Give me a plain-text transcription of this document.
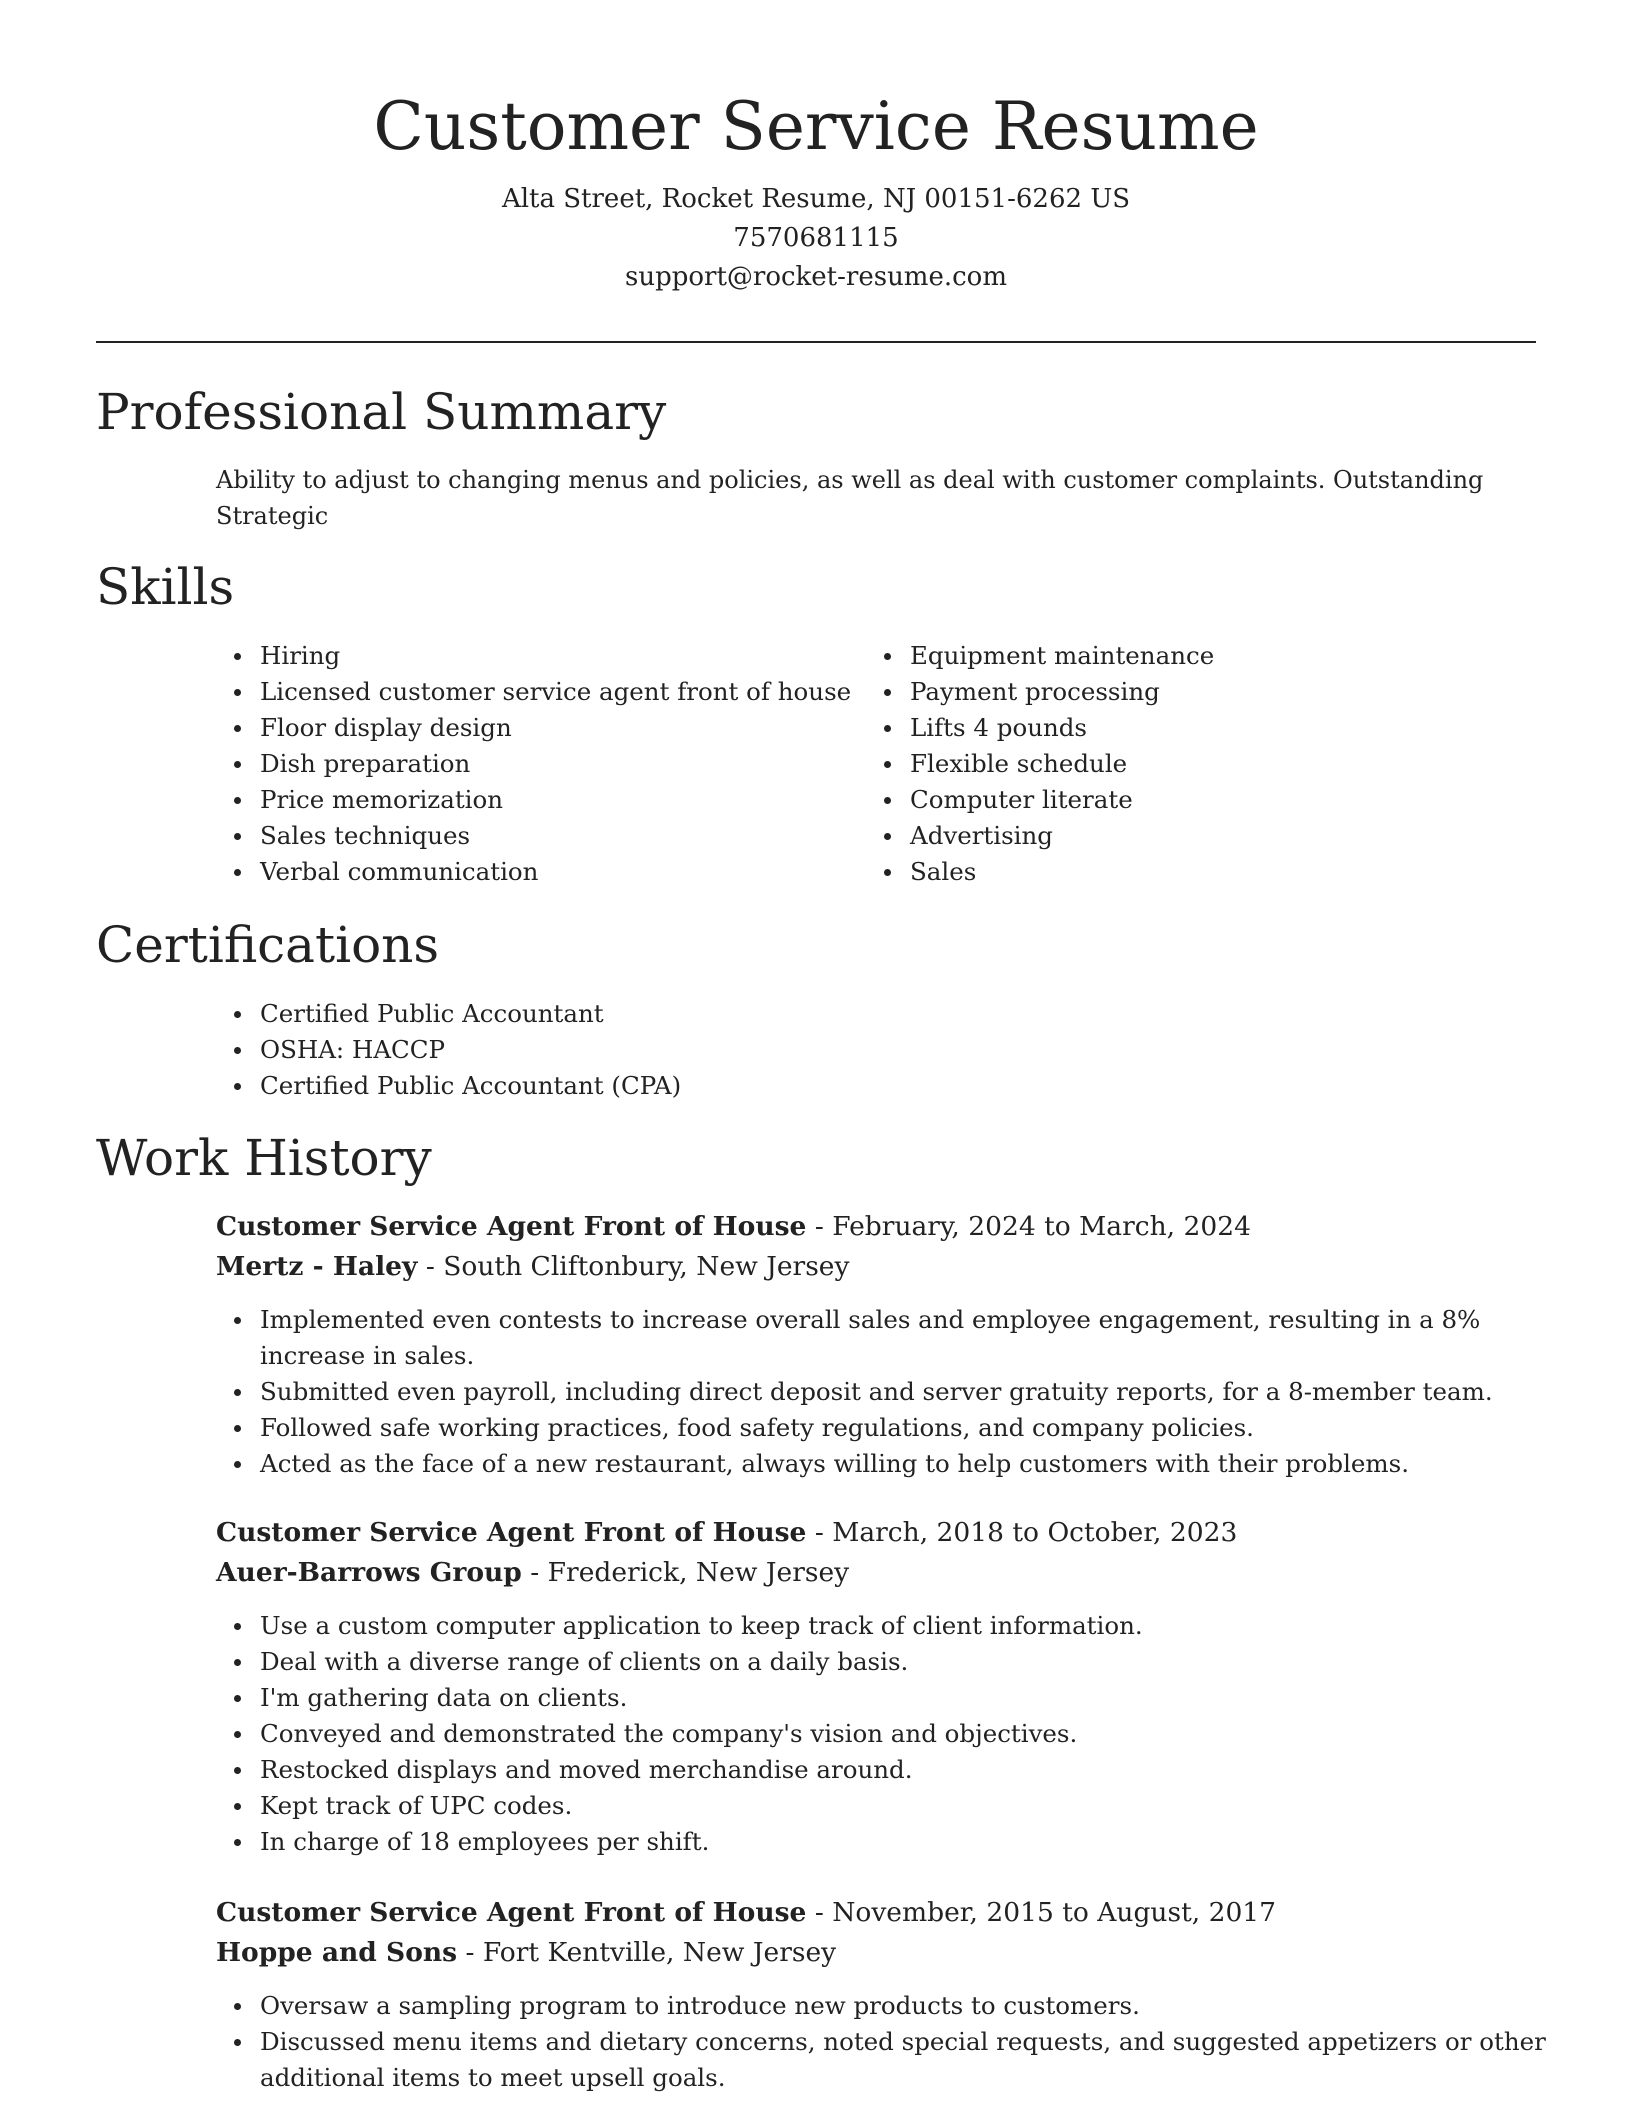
Customer Service Resume
Alta Street, Rocket Resume, NJ 00151-6262 US
7570681115
support@rocket-resume.com
Professional Summary

Ability to adjust to changing menus and policies, as well as deal with customer complaints. Outstanding Strategic

Skills
Hiring
Licensed customer service agent front of house
Floor display design
Dish preparation
Price memorization
Sales techniques
Verbal communication
Equipment maintenance
Payment processing
Lifts 4 pounds
Flexible schedule
Computer literate
Advertising
Sales
Certifications
Certified Public Accountant
OSHA: HACCP
Certified Public Accountant (CPA)
Work History
Customer Service Agent Front of House - February, 2024 to March, 2024
Mertz - Haley - South Cliftonbury, New Jersey
Implemented even contests to increase overall sales and employee engagement, resulting in a 8% increase in sales.
Submitted even payroll, including direct deposit and server gratuity reports, for a 8-member team.
Followed safe working practices, food safety regulations, and company policies.
Acted as the face of a new restaurant, always willing to help customers with their problems.
Customer Service Agent Front of House - March, 2018 to October, 2023
Auer-Barrows Group - Frederick, New Jersey
Use a custom computer application to keep track of client information.
Deal with a diverse range of clients on a daily basis.
I'm gathering data on clients.
Conveyed and demonstrated the company's vision and objectives.
Restocked displays and moved merchandise around.
Kept track of UPC codes.
In charge of 18 employees per shift.
Customer Service Agent Front of House - November, 2015 to August, 2017
Hoppe and Sons - Fort Kentville, New Jersey
Oversaw a sampling program to introduce new products to customers.
Discussed menu items and dietary concerns, noted special requests, and suggested appetizers or other additional items to meet upsell goals.
